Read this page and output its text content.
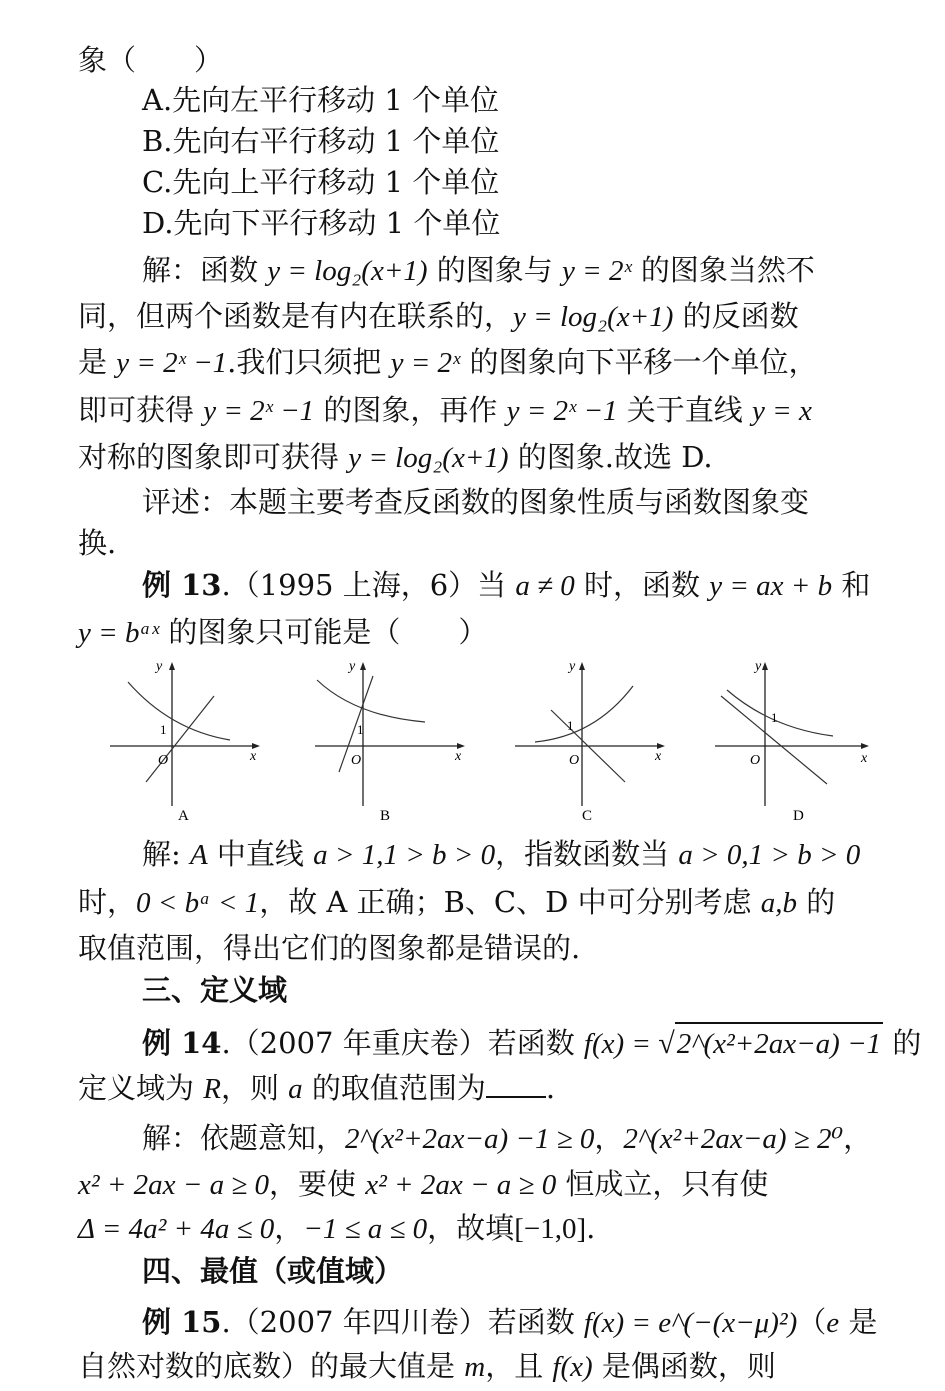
象（　　）
A.先向左平行移动 1 个单位
B.先向右平行移动 1 个单位
C.先向上平行移动 1 个单位
D.先向下平行移动 1 个单位
解：函数 y = log₂(x+1) 的图象与 y = 2ˣ 的图象当然不
同，但两个函数是有内在联系的，y = log₂(x+1) 的反函数
是 y = 2ˣ −1.我们只须把 y = 2ˣ 的图象向下平移一个单位，
即可获得 y = 2ˣ −1 的图象，再作 y = 2ˣ −1 关于直线 y = x
对称的图象即可获得 y = log₂(x+1) 的图象.故选 D.
评述：本题主要考查反函数的图象性质与函数图象变
换.
例 13.（1995 上海，6）当 a ≠ 0 时，函数 y = ax + b 和
y = bᵃˣ 的图象只可能是（　　）
y
x
O
1
A
y
x
O
1
B
y
x
O
1
C
y
x
O
1
D
解: A 中直线 a > 1,1 > b > 0，指数函数当 a > 0,1 > b > 0
时，0 < bᵃ < 1，故 A 正确；B、C、D 中可分别考虑 a,b 的
取值范围，得出它们的图象都是错误的.
三、定义域
例 14.（2007 年重庆卷）若函数 f(x) = √2^(x²+2ax−a) −1 的
定义域为 R，则 a 的取值范围为 .
解：依题意知，2^(x²+2ax−a) −1 ≥ 0，2^(x²+2ax−a) ≥ 2⁰，
x² + 2ax − a ≥ 0，要使 x² + 2ax − a ≥ 0 恒成立，只有使
Δ = 4a² + 4a ≤ 0，−1 ≤ a ≤ 0，故填[−1,0].
四、最值（或值域）
例 15.（2007 年四川卷）若函数 f(x) = e^(−(x−μ)²)（e 是
自然对数的底数）的最大值是 m，且 f(x) 是偶函数，则
